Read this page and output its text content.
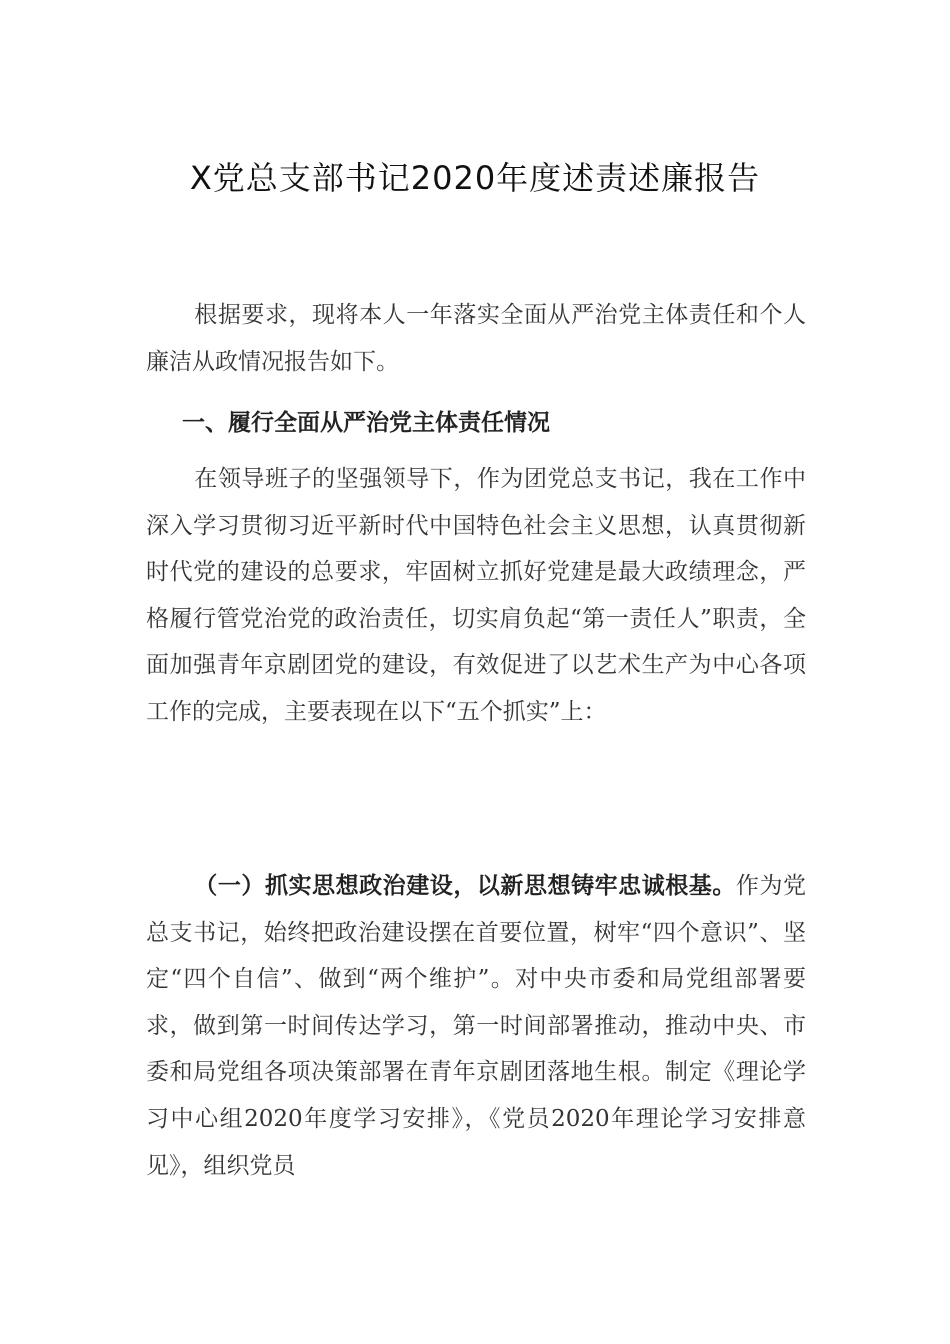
X党总支部书记2020年度述责述廉报告

根据要求，现将本人一年落实全面从严治党主体责任和个人廉洁从政情况报告如下。

一、履行全面从严治党主体责任情况

在领导班子的坚强领导下，作为团党总支书记，我在工作中深入学习贯彻习近平新时代中国特色社会主义思想，认真贯彻新时代党的建设的总要求，牢固树立抓好党建是最大政绩理念，严格履行管党治党的政治责任，切实肩负起“第一责任人”职责，全面加强青年京剧团党的建设，有效促进了以艺术生产为中心各项工作的完成，主要表现在以下“五个抓实”上：

（一）抓实思想政治建设，以新思想铸牢忠诚根基。作为党总支书记，始终把政治建设摆在首要位置，树牢“四个意识”、坚定“四个自信”、做到“两个维护”。对中央市委和局党组部署要求，做到第一时间传达学习，第一时间部署推动，推动中央、市委和局党组各项决策部署在青年京剧团落地生根。制定《理论学习中心组2020年度学习安排》，《党员2020年理论学习安排意见》，组织党员
